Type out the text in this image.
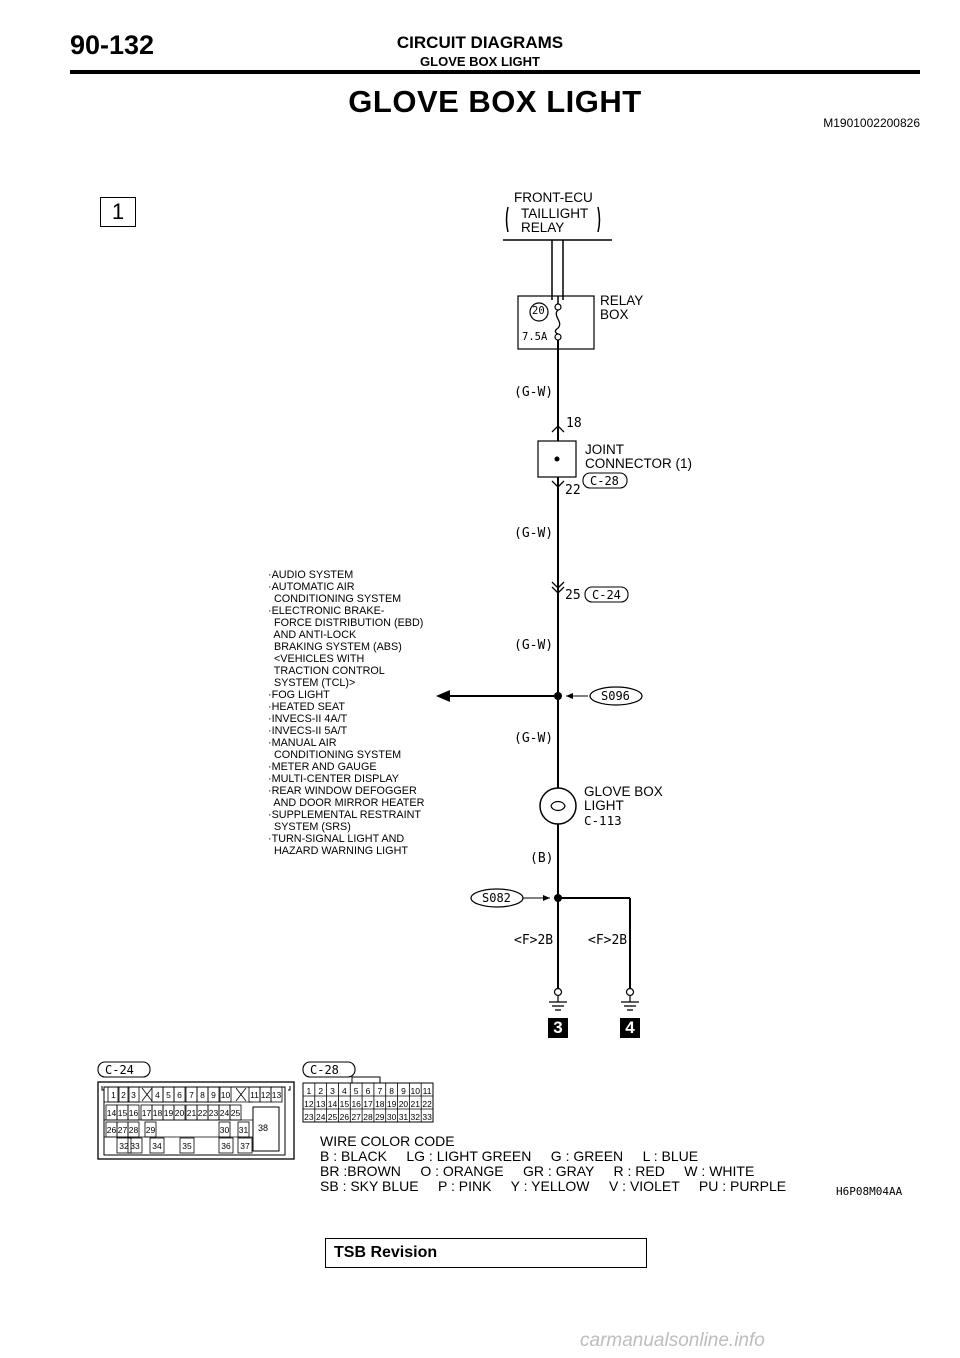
90-132	CIRCUIT DIAGRAMS
GLOVE BOX LIGHT
GLOVE BOX LIGHT
M1901002200826
1
FRONT-ECU
TAILLIGHT
RELAY
20
7.5A
RELAY
BOX
(G-W)
18
JOINT
CONNECTOR (1)
22
C-28
(G-W)
25 C-24
(G-W)
S096
(G-W)
GLOVE BOX
LIGHT
C-113
(B)
S082
<F>2B	<F>2B
3	4
·AUDIO SYSTEM
·AUTOMATIC AIR
CONDITIONING SYSTEM
·ELECTRONIC BRAKE-
FORCE DISTRIBUTION (EBD)
AND ANTI-LOCK
BRAKING SYSTEM (ABS)
<VEHICLES WITH
TRACTION CONTROL
SYSTEM (TCL)>
·FOG LIGHT
·HEATED SEAT
·INVECS-II 4A/T
·INVECS-II 5A/T
·MANUAL AIR
CONDITIONING SYSTEM
·METER AND GAUGE
·MULTI-CENTER DISPLAY
·REAR WINDOW DEFOGGER
AND DOOR MIRROR HEATER
·SUPPLEMENTAL RESTRAINT
SYSTEM (SRS)
·TURN-SIGNAL LIGHT AND
HAZARD WARNING LIGHT
C-24	C-28
38
1 2 3	4 5 6 7 8 9 10 11 12 13
14 15 16 17 18 19 20 21 22 23 24 25
26 27 28 29	30 31
32 33 34 35	36 37
1 2 3 4 5 6 7 8 9 10 11
12 13 14 15 16 17 18 19 20 21 22
23 24 25 26 27 28 29 30 31 32 33
WIRE COLOR CODE
B : BLACK     LG : LIGHT GREEN     G : GREEN     L : BLUE
BR :BROWN     O : ORANGE     GR : GRAY     R : RED     W : WHITE
SB : SKY BLUE     P : PINK     Y : YELLOW     V : VIOLET     PU : PURPLE	H6P08M04AA
TSB Revision
carmanualsonline.info
